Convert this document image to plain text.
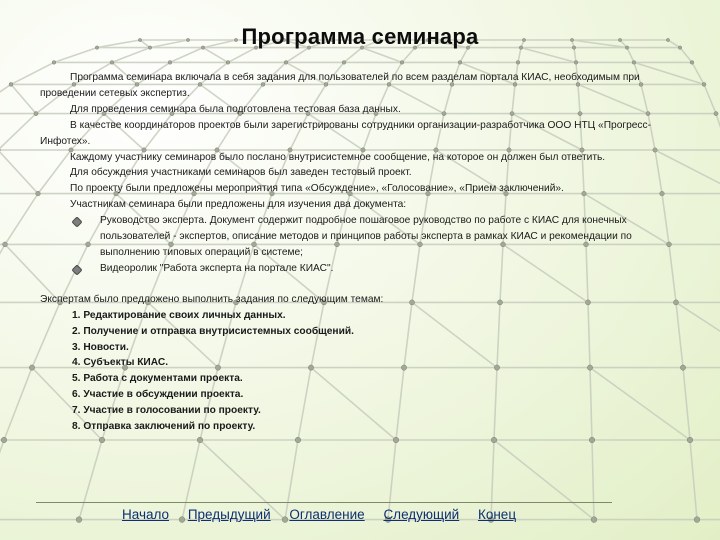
Программа семинара

Программа семинара включала в себя задания для пользователей по всем разделам портала КИАС, необходимым при проведении сетевых экспертиз.

Для проведения семинара была подготовлена тестовая база данных.

В качестве координаторов проектов были зарегистрированы сотрудники организации-разработчика ООО НТЦ «Прогресс-Инфотех».

Каждому участнику семинаров было послано внутрисистемное сообщение, на которое он должен был ответить.

Для обсуждения участниками семинаров был заведен тестовый проект.

По проекту были предложены мероприятия типа «Обсуждение», «Голосование», «Прием заключений».

Участникам семинара были предложены для изучения два документа:

Руководство эксперта. Документ содержит подробное пошаговое руководство по работе с КИАС для конечных пользователей - экспертов, описание методов и принципов работы эксперта в рамках КИАС и рекомендации по выполнению типовых операций в системе;
Видеоролик "Работа эксперта на портале КИАС".

Экспертам было предложено выполнить задания по следующим темам:

1. Редактирование своих личных данных.
2. Получение и отправка внутрисистемных сообщений.
3. Новости.
4. Субъекты КИАС.
5. Работа с документами проекта.
6. Участие в обсуждении проекта.
7. Участие в голосовании по проекту.
8. Отправка заключений по проекту.
Начало Предыдущий Оглавление Следующий Конец
